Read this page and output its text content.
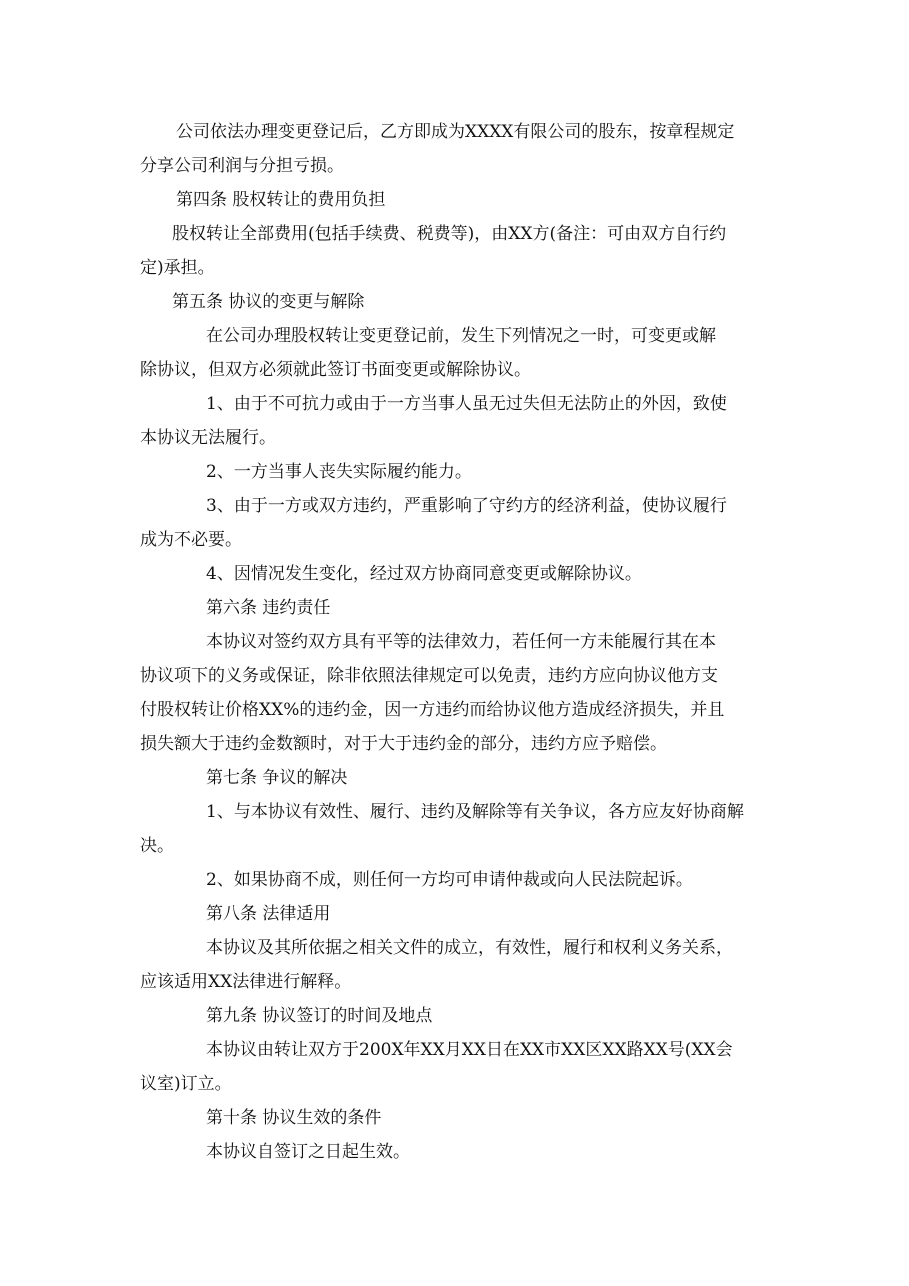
公司依法办理变更登记后，乙方即成为XXXX有限公司的股东，按章程规定
分享公司利润与分担亏损。
第四条 股权转让的费用负担
股权转让全部费用(包括手续费、税费等)，由XX方(备注：可由双方自行约
定)承担。
第五条 协议的变更与解除
在公司办理股权转让变更登记前，发生下列情况之一时，可变更或解
除协议，但双方必须就此签订书面变更或解除协议。
1、由于不可抗力或由于一方当事人虽无过失但无法防止的外因，致使
本协议无法履行。
2、一方当事人丧失实际履约能力。
3、由于一方或双方违约，严重影响了守约方的经济利益，使协议履行
成为不必要。
4、因情况发生变化，经过双方协商同意变更或解除协议。
第六条 违约责任
本协议对签约双方具有平等的法律效力，若任何一方未能履行其在本
协议项下的义务或保证，除非依照法律规定可以免责，违约方应向协议他方支
付股权转让价格XX%的违约金，因一方违约而给协议他方造成经济损失，并且
损失额大于违约金数额时，对于大于违约金的部分，违约方应予赔偿。
第七条 争议的解决
1、与本协议有效性、履行、违约及解除等有关争议，各方应友好协商解
决。
2、如果协商不成，则任何一方均可申请仲裁或向人民法院起诉。
第八条 法律适用
本协议及其所依据之相关文件的成立，有效性，履行和权利义务关系，
应该适用XX法律进行解释。
第九条 协议签订的时间及地点
本协议由转让双方于200X年XX月XX日在XX市XX区XX路XX号(XX会
议室)订立。
第十条 协议生效的条件
本协议自签订之日起生效。
